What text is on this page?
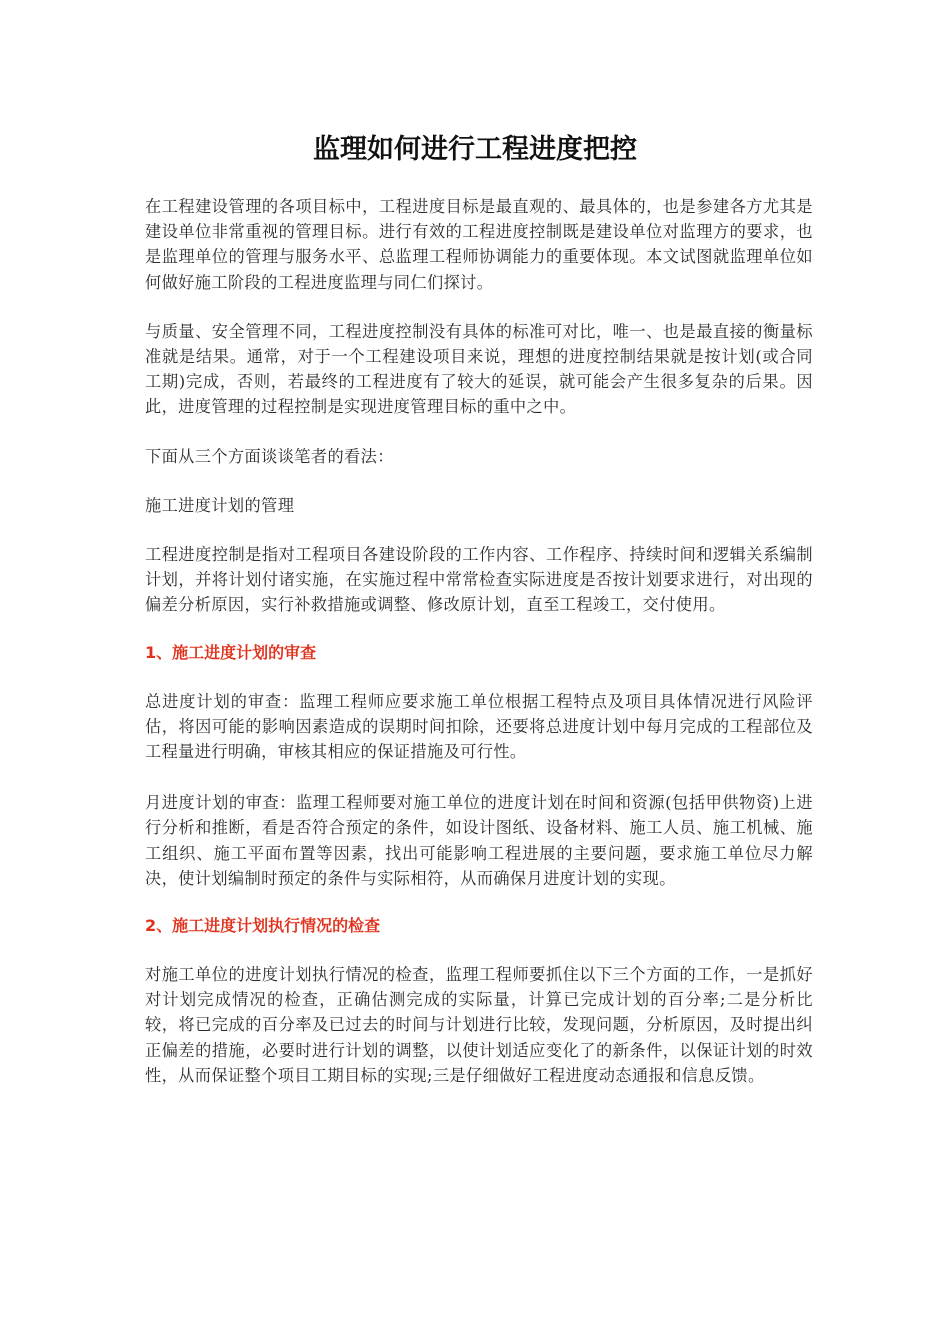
监理如何进行工程进度把控

在工程建设管理的各项目标中，工程进度目标是最直观的、最具体的，也是参建各方尤其是建设单位非常重视的管理目标。进行有效的工程进度控制既是建设单位对监理方的要求，也是监理单位的管理与服务水平、总监理工程师协调能力的重要体现。本文试图就监理单位如何做好施工阶段的工程进度监理与同仁们探讨。

与质量、安全管理不同，工程进度控制没有具体的标准可对比，唯一、也是最直接的衡量标准就是结果。通常，对于一个工程建设项目来说，理想的进度控制结果就是按计划(或合同工期)完成，否则，若最终的工程进度有了较大的延误，就可能会产生很多复杂的后果。因此，进度管理的过程控制是实现进度管理目标的重中之中。

下面从三个方面谈谈笔者的看法：

施工进度计划的管理

工程进度控制是指对工程项目各建设阶段的工作内容、工作程序、持续时间和逻辑关系编制计划，并将计划付诸实施，在实施过程中常常检查实际进度是否按计划要求进行，对出现的偏差分析原因，实行补救措施或调整、修改原计划，直至工程竣工，交付使用。

1、施工进度计划的审查

总进度计划的审查：监理工程师应要求施工单位根据工程特点及项目具体情况进行风险评估，将因可能的影响因素造成的误期时间扣除，还要将总进度计划中每月完成的工程部位及工程量进行明确，审核其相应的保证措施及可行性。

月进度计划的审查：监理工程师要对施工单位的进度计划在时间和资源(包括甲供物资)上进行分析和推断，看是否符合预定的条件，如设计图纸、设备材料、施工人员、施工机械、施工组织、施工平面布置等因素，找出可能影响工程进展的主要问题，要求施工单位尽力解决，使计划编制时预定的条件与实际相符，从而确保月进度计划的实现。

2、施工进度计划执行情况的检查

对施工单位的进度计划执行情况的检查，监理工程师要抓住以下三个方面的工作，一是抓好对计划完成情况的检查，正确估测完成的实际量，计算已完成计划的百分率;二是分析比较，将已完成的百分率及已过去的时间与计划进行比较，发现问题，分析原因，及时提出纠正偏差的措施，必要时进行计划的调整，以使计划适应变化了的新条件，以保证计划的时效性，从而保证整个项目工期目标的实现;三是仔细做好工程进度动态通报和信息反馈。
